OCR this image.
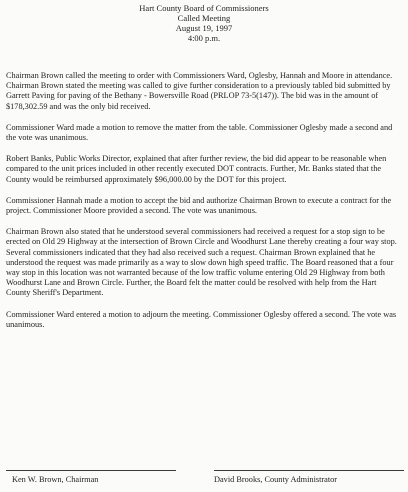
Hart County Board of Commissioners
Called Meeting
August 19, 1997
4:00 p.m.

Chairman Brown called the meeting to order with Commissioners Ward, Oglesby, Hannah and Moore in attendance. Chairman Brown stated the meeting was called to give further consideration to a previously tabled bid submitted by Garrett Paving for paving of the Bethany - Bowersville Road (PRLOP 73-5(147)). The bid was in the amount of $178,302.59 and was the only bid received.

Commissioner Ward made a motion to remove the matter from the table. Commissioner Oglesby made a second and the vote was unanimous.

Robert Banks, Public Works Director, explained that after further review, the bid did appear to be reasonable when compared to the unit prices included in other recently executed DOT contracts. Further, Mr. Banks stated that the County would be reimbursed approximately $96,000.00 by the DOT for this project.

Commissioner Hannah made a motion to accept the bid and authorize Chairman Brown to execute a contract for the project. Commissioner Moore provided a second. The vote was unanimous.

Chairman Brown also stated that he understood several commissioners had received a request for a stop sign to be erected on Old 29 Highway at the intersection of Brown Circle and Woodhurst Lane thereby creating a four way stop. Several commissioners indicated that they had also received such a request. Chairman Brown explained that he understood the request was made primarily as a way to slow down high speed traffic. The Board reasoned that a four way stop in this location was not warranted because of the low traffic volume entering Old 29 Highway from both Woodhurst Lane and Brown Circle. Further, the Board felt the matter could be resolved with help from the Hart County Sheriff's Department.

Commissioner Ward entered a motion to adjourn the meeting. Commissioner Oglesby offered a second. The vote was unanimous.

Ken W. Brown, Chairman	David Brooks, County Administrator
